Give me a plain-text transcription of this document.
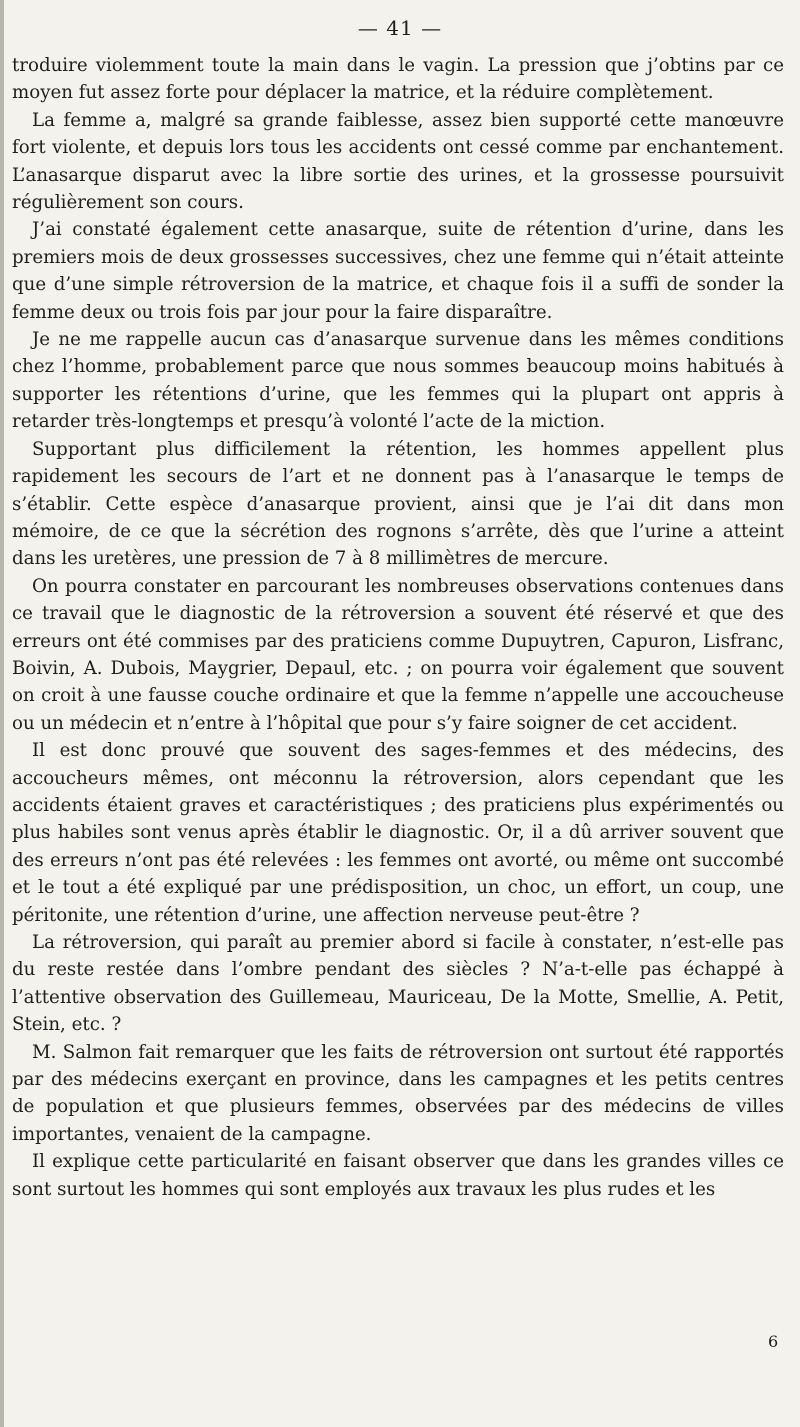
— 41 —

troduire violemment toute la main dans le vagin. La pression que j’obtins par ce moyen fut assez forte pour déplacer la matrice, et la réduire complètement.

La femme a, malgré sa grande faiblesse, assez bien supporté cette manœuvre fort violente, et depuis lors tous les accidents ont cessé comme par enchantement. L’anasarque disparut avec la libre sortie des urines, et la grossesse poursuivit régulièrement son cours.

J’ai constaté également cette anasarque, suite de rétention d’urine, dans les premiers mois de deux grossesses successives, chez une femme qui n’était atteinte que d’une simple rétroversion de la matrice, et chaque fois il a suffi de sonder la femme deux ou trois fois par jour pour la faire disparaître.

Je ne me rappelle aucun cas d’anasarque survenue dans les mêmes conditions chez l’homme, probablement parce que nous sommes beaucoup moins habitués à supporter les rétentions d’urine, que les femmes qui la plupart ont appris à retarder très-longtemps et presqu’à volonté l’acte de la miction.

Supportant plus difficilement la rétention, les hommes appellent plus rapidement les secours de l’art et ne donnent pas à l’anasarque le temps de s’établir. Cette espèce d’anasarque provient, ainsi que je l’ai dit dans mon mémoire, de ce que la sécrétion des rognons s’arrête, dès que l’urine a atteint dans les uretères, une pression de 7 à 8 millimètres de mercure.

On pourra constater en parcourant les nombreuses observations contenues dans ce travail que le diagnostic de la rétroversion a souvent été réservé et que des erreurs ont été commises par des praticiens comme Dupuytren, Capuron, Lisfranc, Boivin, A. Dubois, Maygrier, Depaul, etc. ; on pourra voir également que souvent on croit à une fausse couche ordinaire et que la femme n’appelle une accoucheuse ou un médecin et n’entre à l’hôpital que pour s’y faire soigner de cet accident.

Il est donc prouvé que souvent des sages-femmes et des médecins, des accoucheurs mêmes, ont méconnu la rétroversion, alors cependant que les accidents étaient graves et caractéristiques ; des praticiens plus expérimentés ou plus habiles sont venus après établir le diagnostic. Or, il a dû arriver souvent que des erreurs n’ont pas été relevées : les femmes ont avorté, ou même ont succombé et le tout a été expliqué par une prédisposition, un choc, un effort, un coup, une péritonite, une rétention d’urine, une affection nerveuse peut-être ?

La rétroversion, qui paraît au premier abord si facile à constater, n’est-elle pas du reste restée dans l’ombre pendant des siècles ? N’a-t-elle pas échappé à l’attentive observation des Guillemeau, Mauriceau, De la Motte, Smellie, A. Petit, Stein, etc. ?

M. Salmon fait remarquer que les faits de rétroversion ont surtout été rapportés par des médecins exerçant en province, dans les campagnes et les petits centres de population et que plusieurs femmes, observées par des médecins de villes importantes, venaient de la campagne.

Il explique cette particularité en faisant observer que dans les grandes villes ce sont surtout les hommes qui sont employés aux travaux les plus rudes et les

6
